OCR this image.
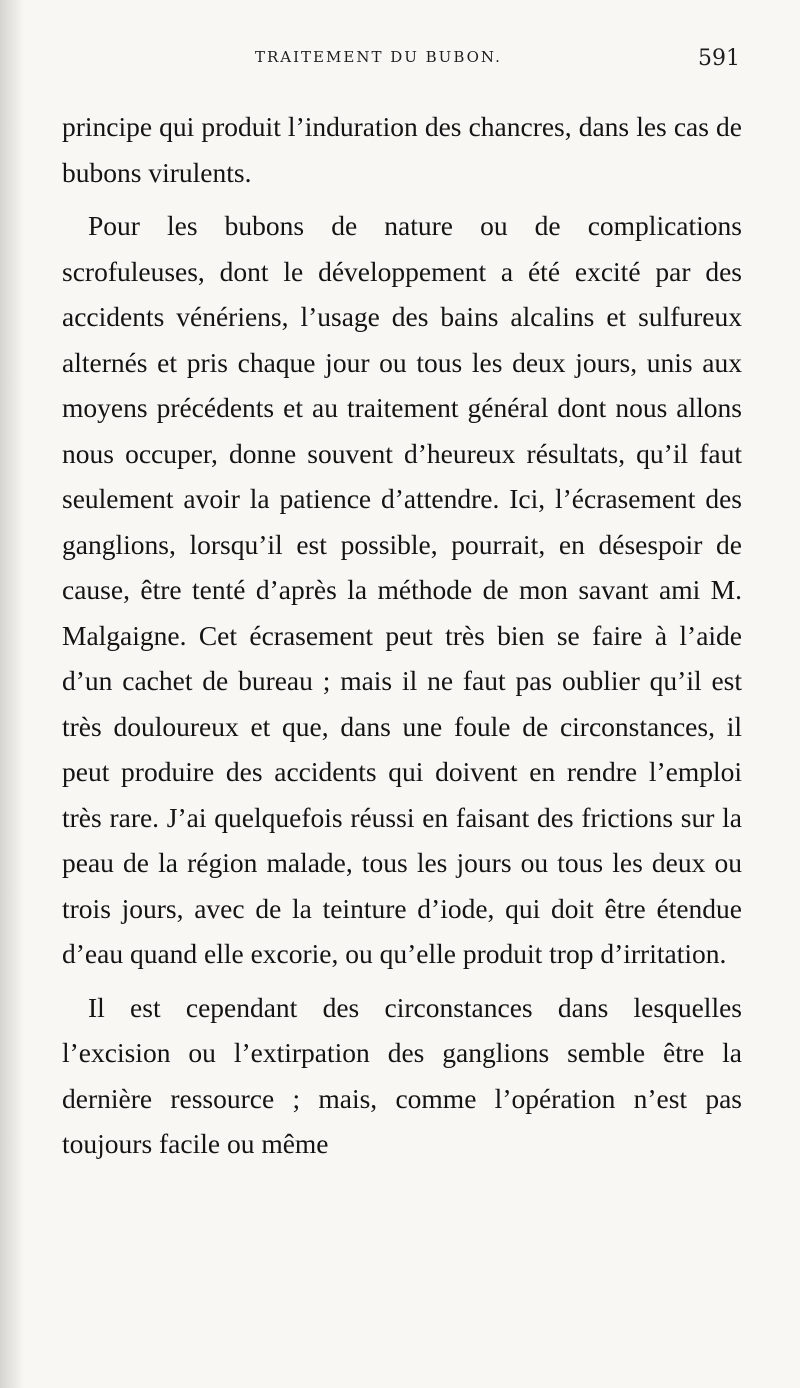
TRAITEMENT DU BUBON.	591

principe qui produit l’induration des chancres, dans les cas de bubons virulents.

Pour les bubons de nature ou de complications scrofuleuses, dont le développement a été excité par des accidents vénériens, l’usage des bains alcalins et sulfureux alternés et pris chaque jour ou tous les deux jours, unis aux moyens précédents et au traitement général dont nous allons nous occuper, donne souvent d’heureux résultats, qu’il faut seulement avoir la patience d’attendre. Ici, l’écrasement des ganglions, lorsqu’il est possible, pourrait, en désespoir de cause, être tenté d’après la méthode de mon savant ami M. Malgaigne. Cet écrasement peut très bien se faire à l’aide d’un cachet de bureau ; mais il ne faut pas oublier qu’il est très douloureux et que, dans une foule de circonstances, il peut produire des accidents qui doivent en rendre l’emploi très rare. J’ai quelquefois réussi en faisant des frictions sur la peau de la région malade, tous les jours ou tous les deux ou trois jours, avec de la teinture d’iode, qui doit être étendue d’eau quand elle excorie, ou qu’elle produit trop d’irritation.

Il est cependant des circonstances dans lesquelles l’excision ou l’extirpation des ganglions semble être la dernière ressource ; mais, comme l’opération n’est pas toujours facile ou même
